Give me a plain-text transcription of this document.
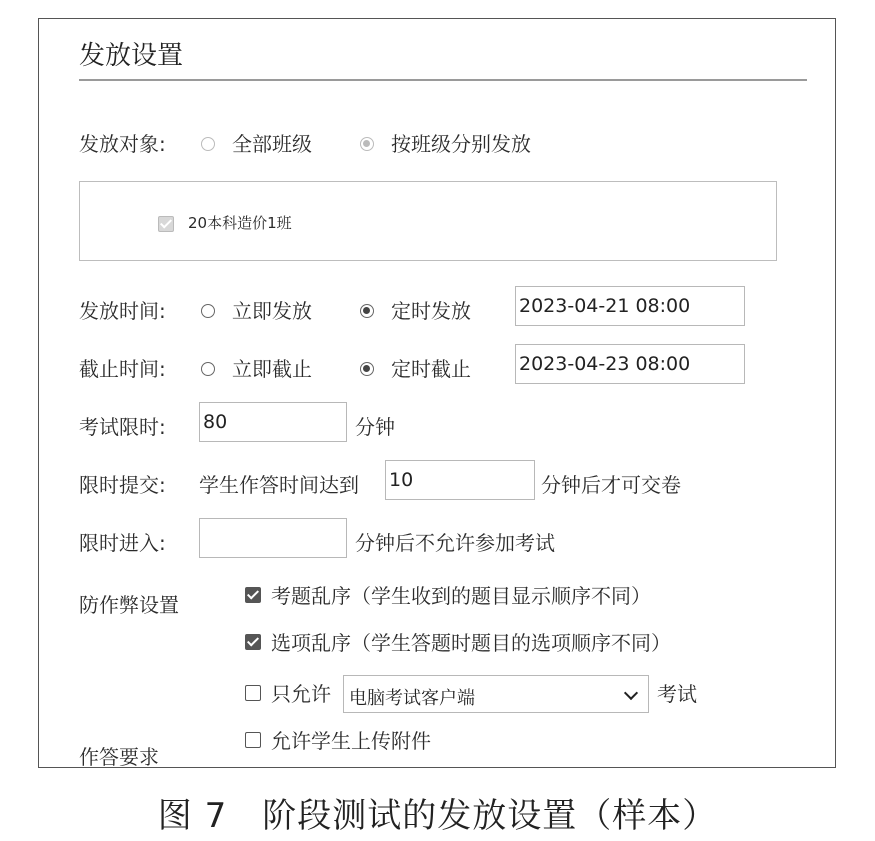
发放设置
发放对象:	全部班级	按班级分别发放
20本科造价1班
发放时间:	立即发放	定时发放	2023-04-21 08:00
截止时间:	立即截止	定时截止	2023-04-23 08:00
考试限时: 80	分钟
限时提交: 学生作答时间达到 10	分钟后才可交卷
限时进入:	分钟后不允许参加考试
防作弊设置	考题乱序（学生收到的题目显示顺序不同）
选项乱序（学生答题时题目的选项顺序不同）
只允许	电脑考试客户端	考试
作答要求
允许学生上传附件
图 7　阶段测试的发放设置（样本）
